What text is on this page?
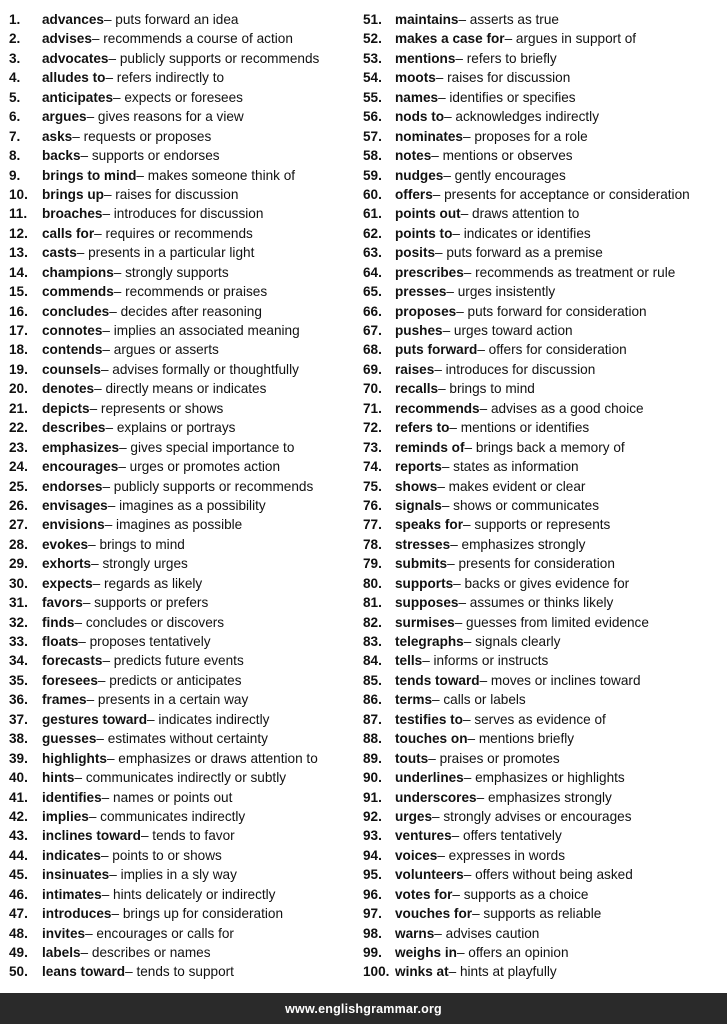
1.	advances – puts forward an idea
2.	advises – recommends a course of action
3.	advocates – publicly supports or recommends
4.	alludes to – refers indirectly to
5.	anticipates – expects or foresees
6.	argues – gives reasons for a view
7.	asks – requests or proposes
8.	backs – supports or endorses
9.	brings to mind – makes someone think of
10.	brings up – raises for discussion
11.	broaches – introduces for discussion
12.	calls for – requires or recommends
13.	casts – presents in a particular light
14.	champions – strongly supports
15.	commends – recommends or praises
16.	concludes – decides after reasoning
17.	connotes – implies an associated meaning
18.	contends – argues or asserts
19.	counsels – advises formally or thoughtfully
20.	denotes – directly means or indicates
21.	depicts – represents or shows
22.	describes – explains or portrays
23.	emphasizes – gives special importance to
24.	encourages – urges or promotes action
25.	endorses – publicly supports or recommends
26.	envisages – imagines as a possibility
27.	envisions – imagines as possible
28.	evokes – brings to mind
29.	exhorts – strongly urges
30.	expects – regards as likely
31.	favors – supports or prefers
32.	finds – concludes or discovers
33.	floats – proposes tentatively
34.	forecasts – predicts future events
35.	foresees – predicts or anticipates
36.	frames – presents in a certain way
37.	gestures toward – indicates indirectly
38.	guesses – estimates without certainty
39.	highlights – emphasizes or draws attention to
40.	hints – communicates indirectly or subtly
41.	identifies – names or points out
42.	implies – communicates indirectly
43.	inclines toward – tends to favor
44.	indicates – points to or shows
45.	insinuates – implies in a sly way
46.	intimates – hints delicately or indirectly
47.	introduces – brings up for consideration
48.	invites – encourages or calls for
49.	labels – describes or names
50.	leans toward – tends to support
51. maintains – asserts as true
52. makes a case for – argues in support of
53. mentions – refers to briefly
54. moots – raises for discussion
55. names – identifies or specifies
56. nods to – acknowledges indirectly
57. nominates – proposes for a role
58. notes – mentions or observes
59. nudges – gently encourages
60. offers – presents for acceptance or consideration
61. points out – draws attention to
62. points to – indicates or identifies
63. posits – puts forward as a premise
64. prescribes – recommends as treatment or rule
65. presses – urges insistently
66. proposes – puts forward for consideration
67. pushes – urges toward action
68. puts forward – offers for consideration
69. raises – introduces for discussion
70. recalls – brings to mind
71. recommends – advises as a good choice
72. refers to – mentions or identifies
73. reminds of – brings back a memory of
74. reports – states as information
75. shows – makes evident or clear
76. signals – shows or communicates
77. speaks for – supports or represents
78. stresses – emphasizes strongly
79. submits – presents for consideration
80. supports – backs or gives evidence for
81. supposes – assumes or thinks likely
82. surmises – guesses from limited evidence
83. telegraphs – signals clearly
84. tells – informs or instructs
85. tends toward – moves or inclines toward
86. terms – calls or labels
87. testifies to – serves as evidence of
88. touches on – mentions briefly
89. touts – praises or promotes
90. underlines – emphasizes or highlights
91. underscores – emphasizes strongly
92. urges – strongly advises or encourages
93. ventures – offers tentatively
94. voices – expresses in words
95. volunteers – offers without being asked
96. votes for – supports as a choice
97. vouches for – supports as reliable
98. warns – advises caution
99. weighs in – offers an opinion
100. winks at – hints at playfully
www.englishgrammar.org
